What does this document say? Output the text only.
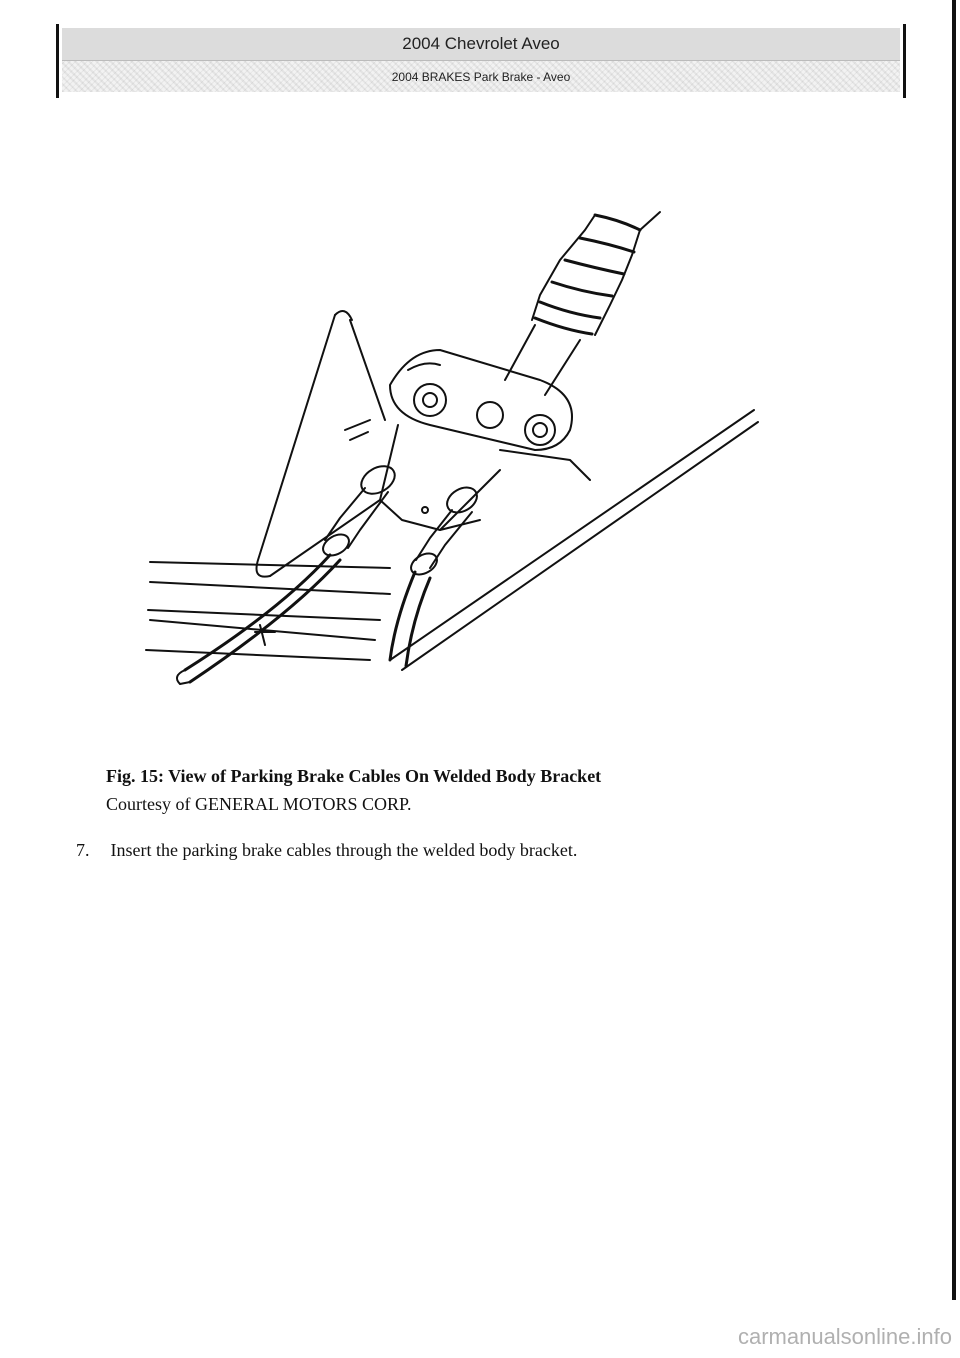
2004 Chevrolet Aveo
2004 BRAKES Park Brake - Aveo
Fig. 15: View of Parking Brake Cables On Welded Body Bracket
Courtesy of GENERAL MOTORS CORP.
7. Insert the parking brake cables through the welded body bracket.
carmanualsonline.info
